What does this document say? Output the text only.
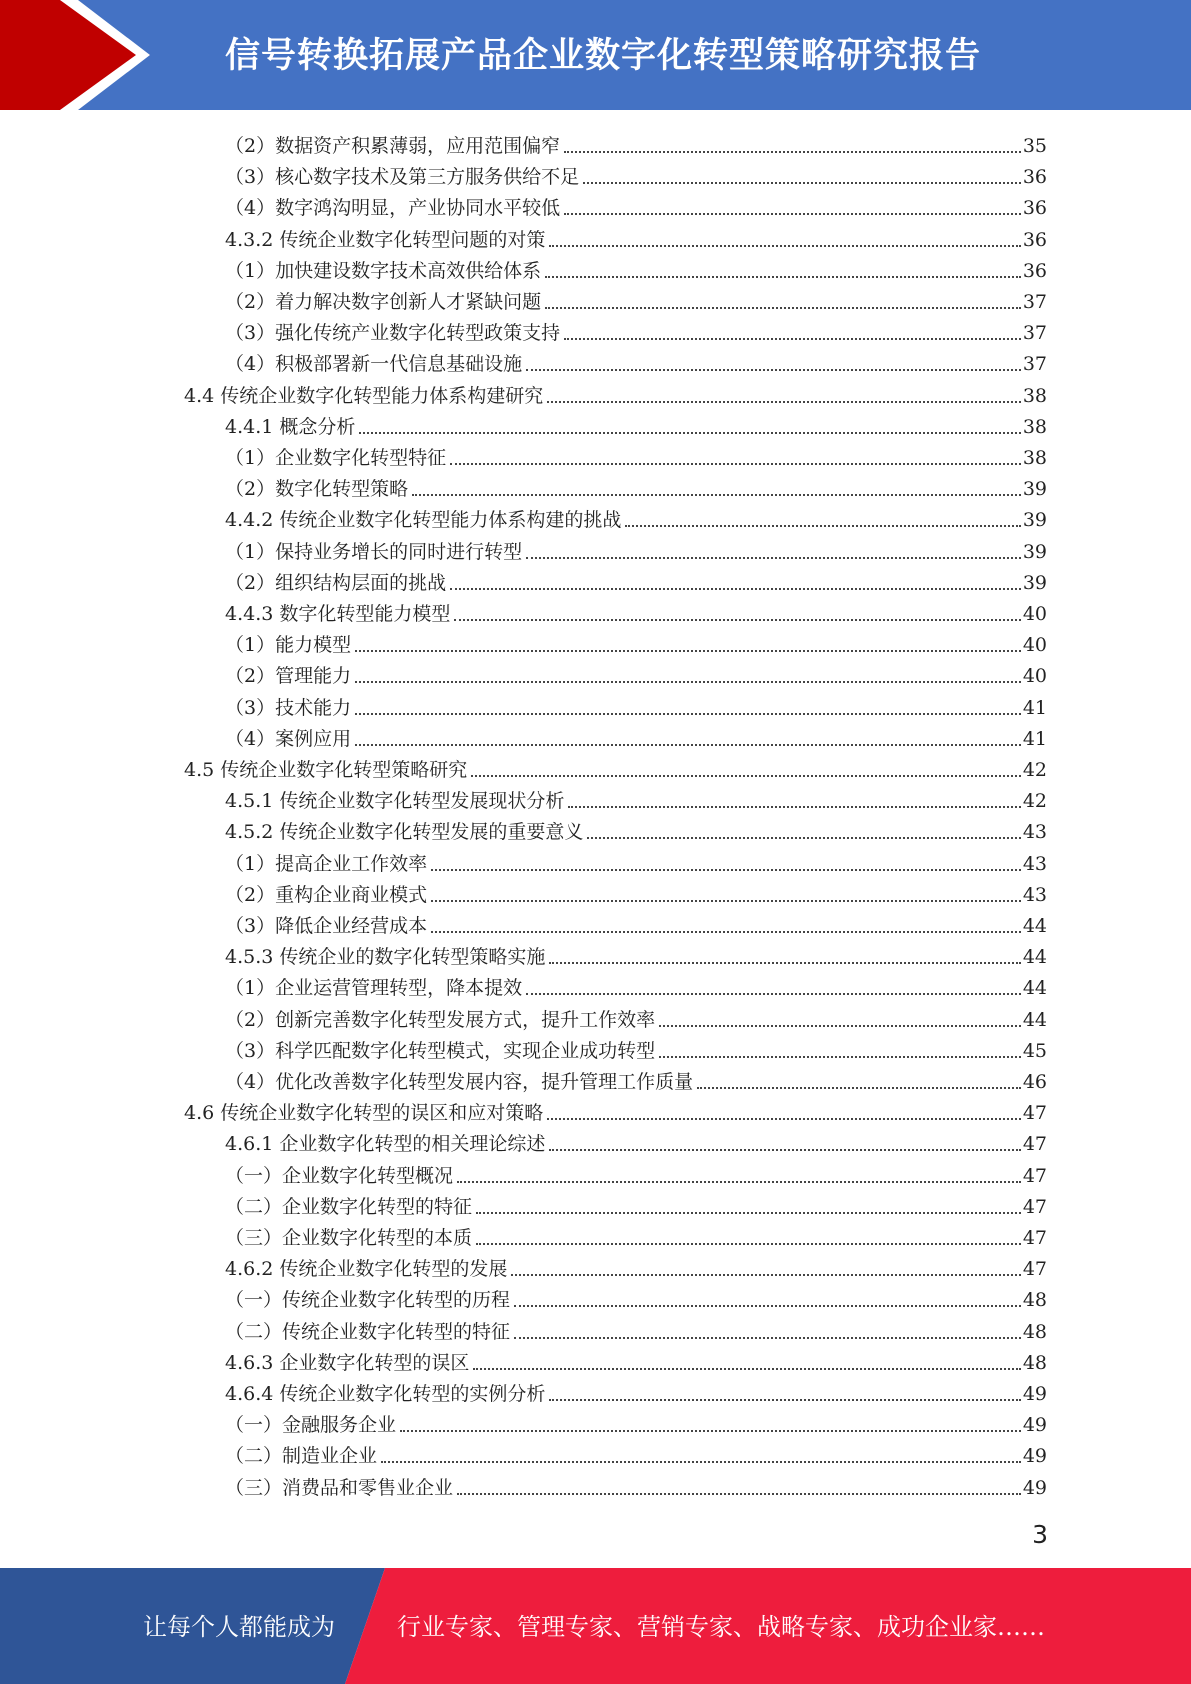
信号转换拓展产品企业数字化转型策略研究报告
（2）数据资产积累薄弱，应用范围偏窄	35
（3）核心数字技术及第三方服务供给不足	36
（4）数字鸿沟明显，产业协同水平较低	36
4.3.2 传统企业数字化转型问题的对策	36
（1）加快建设数字技术高效供给体系	36
（2）着力解决数字创新人才紧缺问题	37
（3）强化传统产业数字化转型政策支持	37
（4）积极部署新一代信息基础设施	37
4.4 传统企业数字化转型能力体系构建研究	38
4.4.1 概念分析	38
（1）企业数字化转型特征	38
（2）数字化转型策略	39
4.4.2 传统企业数字化转型能力体系构建的挑战	39
（1）保持业务增长的同时进行转型	39
（2）组织结构层面的挑战	39
4.4.3 数字化转型能力模型	40
（1）能力模型	40
（2）管理能力	40
（3）技术能力	41
（4）案例应用	41
4.5 传统企业数字化转型策略研究	42
4.5.1 传统企业数字化转型发展现状分析	42
4.5.2 传统企业数字化转型发展的重要意义	43
（1）提高企业工作效率	43
（2）重构企业商业模式	43
（3）降低企业经营成本	44
4.5.3 传统企业的数字化转型策略实施	44
（1）企业运营管理转型，降本提效	44
（2）创新完善数字化转型发展方式，提升工作效率	44
（3）科学匹配数字化转型模式，实现企业成功转型	45
（4）优化改善数字化转型发展内容，提升管理工作质量	46
4.6 传统企业数字化转型的误区和应对策略	47
4.6.1 企业数字化转型的相关理论综述	47
（一）企业数字化转型概况	47
（二）企业数字化转型的特征	47
（三）企业数字化转型的本质	47
4.6.2 传统企业数字化转型的发展	47
（一）传统企业数字化转型的历程	48
（二）传统企业数字化转型的特征	48
4.6.3 企业数字化转型的误区	48
4.6.4 传统企业数字化转型的实例分析	49
（一）金融服务企业	49
（二）制造业企业	49
（三）消费品和零售业企业	49
3
让每个人都能成为	行业专家、管理专家、营销专家、战略专家、成功企业家……
